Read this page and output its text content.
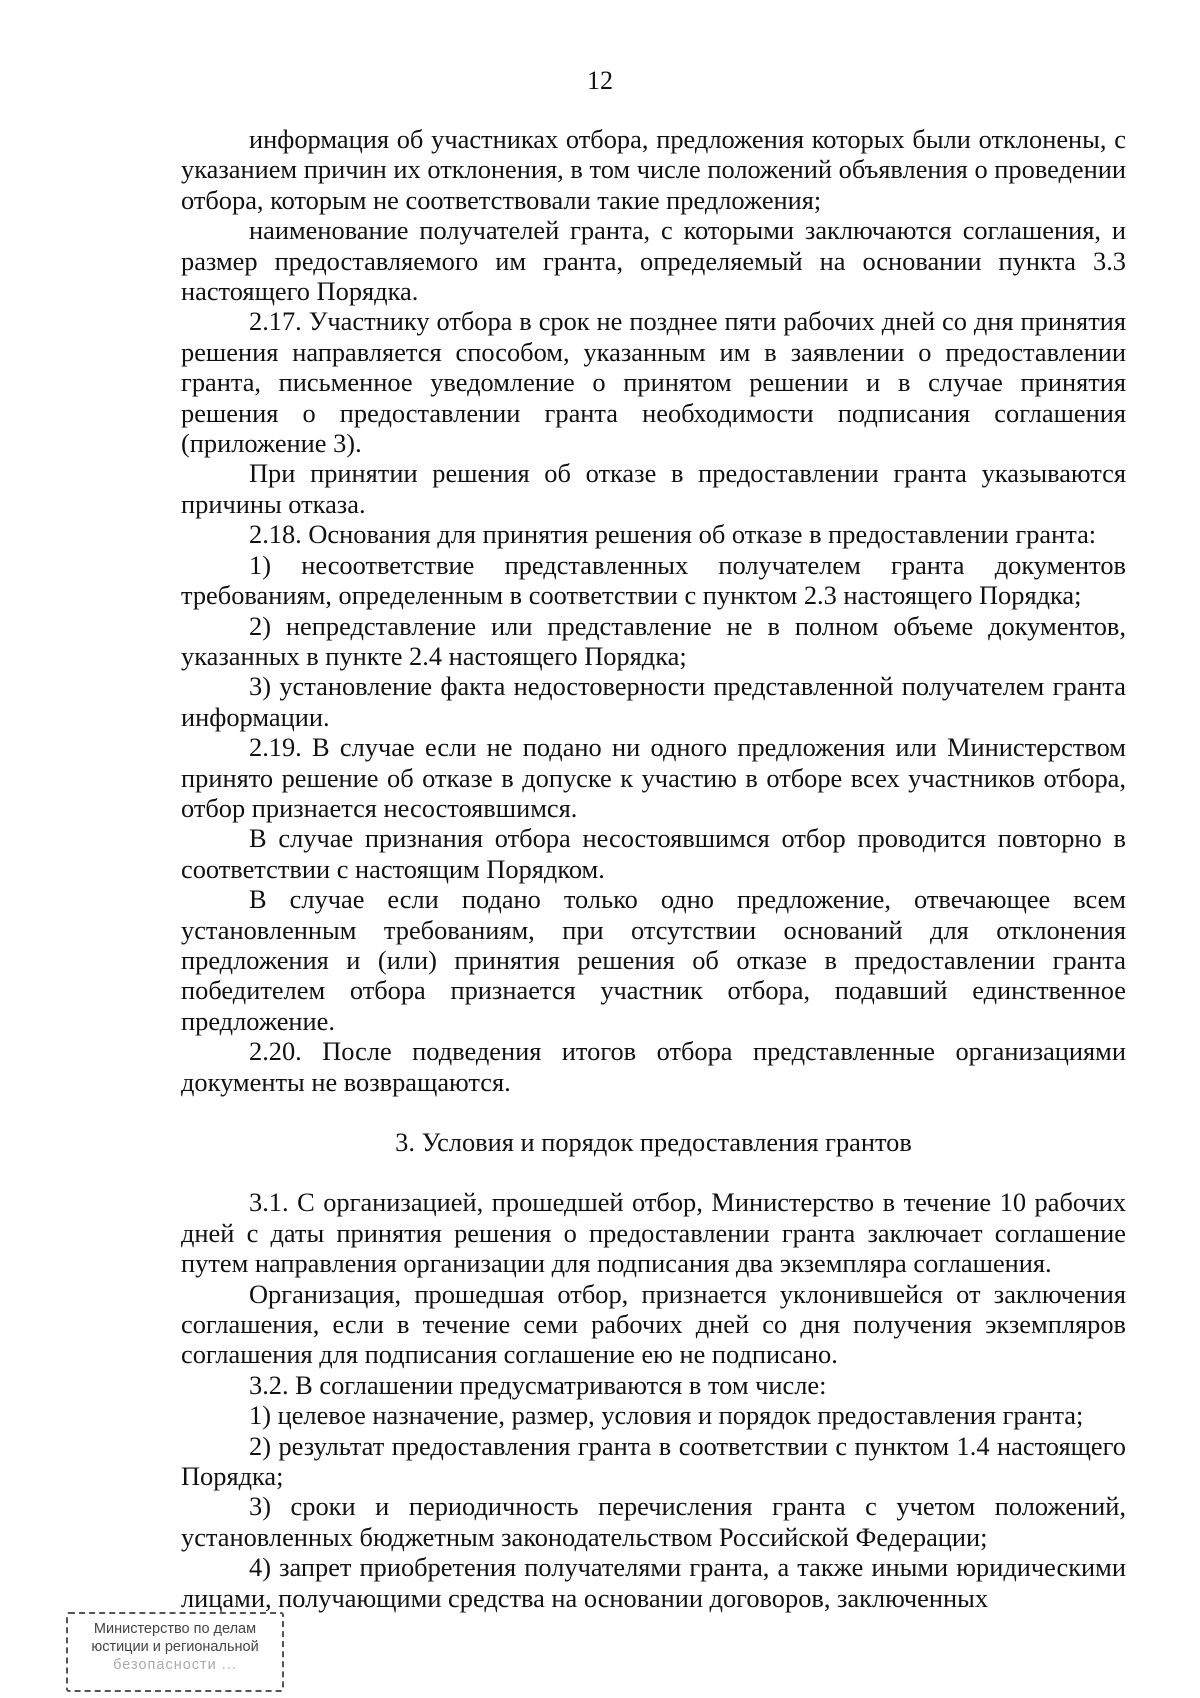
12

информация об участниках отбора, предложения которых были отклонены, с указанием причин их отклонения, в том числе положений объявления о проведении отбора, которым не соответствовали такие предложения;

наименование получателей гранта, с которыми заключаются соглашения, и размер предоставляемого им гранта, определяемый на основании пункта 3.3 настоящего Порядка.

2.17. Участнику отбора в срок не позднее пяти рабочих дней со дня принятия решения направляется способом, указанным им в заявлении о предоставлении гранта, письменное уведомление о принятом решении и в случае принятия решения о предоставлении гранта необходимости подписания соглашения (приложение 3).

При принятии решения об отказе в предоставлении гранта указываются причины отказа.

2.18. Основания для принятия решения об отказе в предоставлении гранта:

1) несоответствие представленных получателем гранта документов требованиям, определенным в соответствии с пунктом 2.3 настоящего Порядка;

2) непредставление или представление не в полном объеме документов, указанных в пункте 2.4 настоящего Порядка;

3) установление факта недостоверности представленной получателем гранта информации.

2.19. В случае если не подано ни одного предложения или Министерством принято решение об отказе в допуске к участию в отборе всех участников отбора, отбор признается несостоявшимся.

В случае признания отбора несостоявшимся отбор проводится повторно в соответствии с настоящим Порядком.

В случае если подано только одно предложение, отвечающее всем установленным требованиям, при отсутствии оснований для отклонения предложения и (или) принятия решения об отказе в предоставлении гранта победителем отбора признается участник отбора, подавший единственное предложение.

2.20. После подведения итогов отбора представленные организациями документы не возвращаются.

3. Условия и порядок предоставления грантов

3.1. С организацией, прошедшей отбор, Министерство в течение 10 рабочих дней с даты принятия решения о предоставлении гранта заключает соглашение путем направления организации для подписания два экземпляра соглашения.

Организация, прошедшая отбор, признается уклонившейся от заключения соглашения, если в течение семи рабочих дней со дня получения экземпляров соглашения для подписания соглашение ею не подписано.

3.2. В соглашении предусматриваются в том числе:

1) целевое назначение, размер, условия и порядок предоставления гранта;

2) результат предоставления гранта в соответствии с пунктом 1.4 настоящего Порядка;

3) сроки и периодичность перечисления гранта с учетом положений, установленных бюджетным законодательством Российской Федерации;

4) запрет приобретения получателями гранта, а также иными юридическими лицами, получающими средства на основании договоров, заключенных

Министерство по делам
юстиции и региональной
безопасности ...
